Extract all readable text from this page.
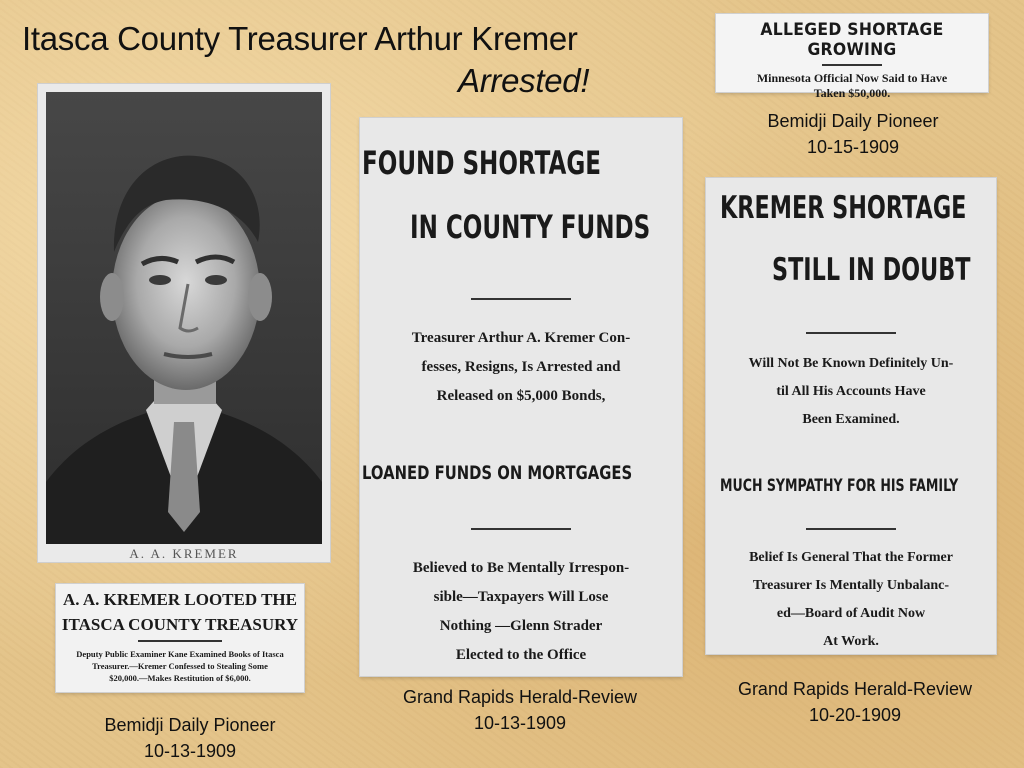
Itasca County Treasurer Arthur Kremer
Arrested!
A. A. KREMER
A. A. KREMER LOOTED THE
ITASCA COUNTY TREASURY
Deputy Public Examiner Kane Examined Books of Itasca
Treasurer.—Kremer Confessed to Stealing Some
$20,000.—Makes Restitution of $6,000.
FOUND SHORTAGE
IN COUNTY FUNDS
Treasurer Arthur A. Kremer Con-
fesses, Resigns, Is Arrested and
Released on $5,000 Bonds,
LOANED FUNDS ON MORTGAGES
Believed to Be Mentally Irrespon-
sible—Taxpayers Will Lose
Nothing —Glenn Strader
Elected to the Office
KREMER SHORTAGE
STILL IN DOUBT
Will Not Be Known Definitely Un-
til All His Accounts Have
Been Examined.
MUCH SYMPATHY FOR HIS FAMILY
Belief Is General That the Former
Treasurer Is Mentally Unbalanc-
ed—Board of Audit Now
At Work.
ALLEGED SHORTAGE GROWING
Minnesota Official Now Said to Have
Taken $50,000.
Bemidji Daily Pioneer
10-13-1909
Grand Rapids Herald-Review
10-13-1909
Grand Rapids Herald-Review
10-20-1909
Bemidji Daily Pioneer
10-15-1909
